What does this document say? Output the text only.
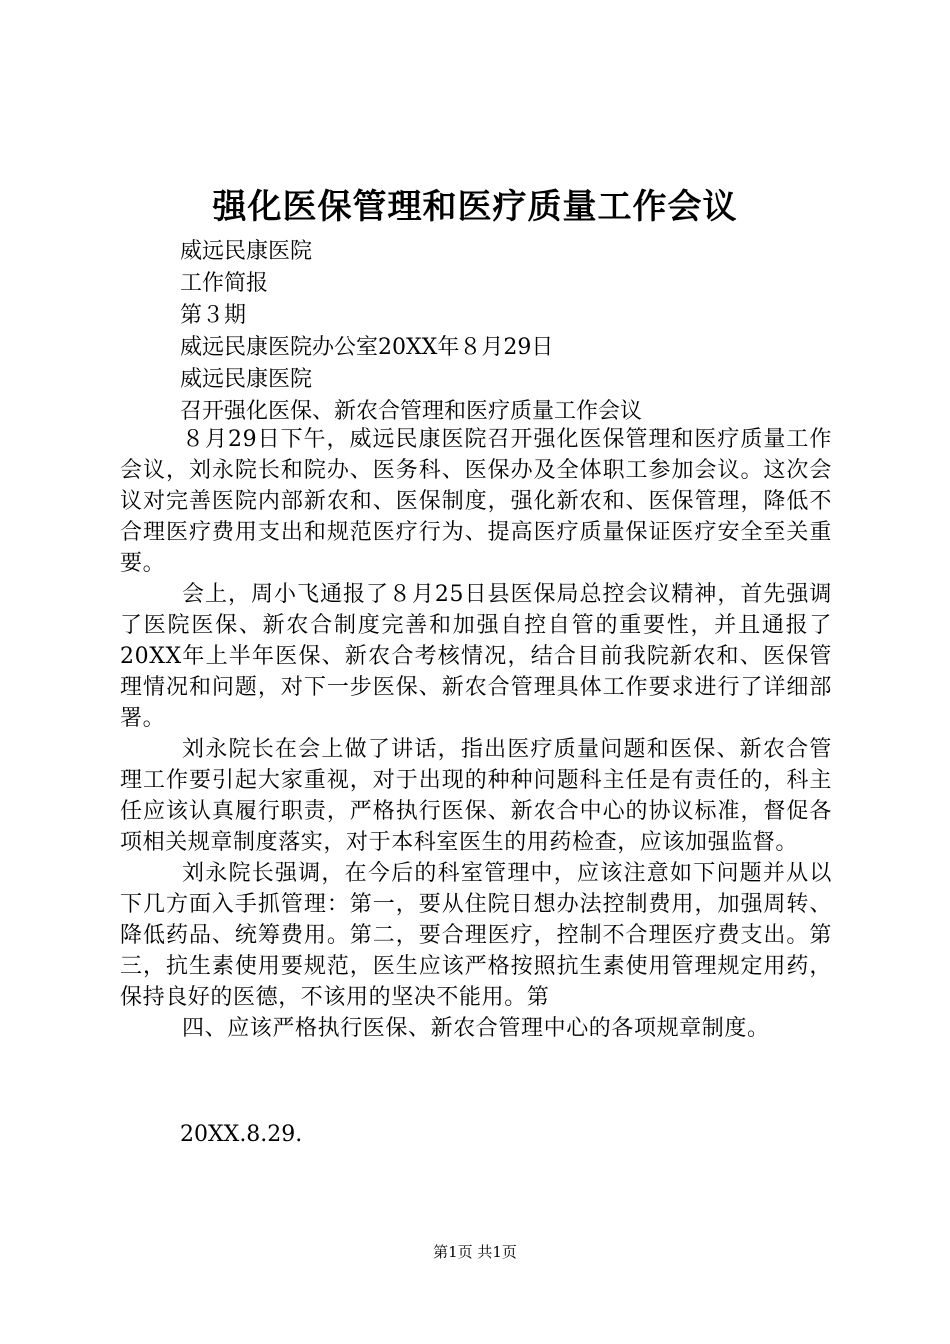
强化医保管理和医疗质量工作会议
威远民康医院
工作简报
第３期
威远民康医院办公室20XX年８月29日
威远民康医院
召开强化医保、新农合管理和医疗质量工作会议

８月29日下午，威远民康医院召开强化医保管理和医疗质量工作会议，刘永院长和院办、医务科、医保办及全体职工参加会议。这次会议对完善医院内部新农和、医保制度，强化新农和、医保管理，降低不合理医疗费用支出和规范医疗行为、提高医疗质量保证医疗安全至关重要。

会上，周小飞通报了８月25日县医保局总控会议精神，首先强调了医院医保、新农合制度完善和加强自控自管的重要性，并且通报了20XX年上半年医保、新农合考核情况，结合目前我院新农和、医保管理情况和问题，对下一步医保、新农合管理具体工作要求进行了详细部署。

刘永院长在会上做了讲话，指出医疗质量问题和医保、新农合管理工作要引起大家重视，对于出现的种种问题科主任是有责任的，科主任应该认真履行职责，严格执行医保、新农合中心的协议标准，督促各项相关规章制度落实，对于本科室医生的用药检查，应该加强监督。

刘永院长强调，在今后的科室管理中，应该注意如下问题并从以下几方面入手抓管理：第一，要从住院日想办法控制费用，加强周转、降低药品、统筹费用。第二，要合理医疗，控制不合理医疗费支出。第三，抗生素使用要规范，医生应该严格按照抗生素使用管理规定用药，保持良好的医德，不该用的坚决不能用。第

四、应该严格执行医保、新农合管理中心的各项规章制度。

20XX.8.29.
第1页 共1页
